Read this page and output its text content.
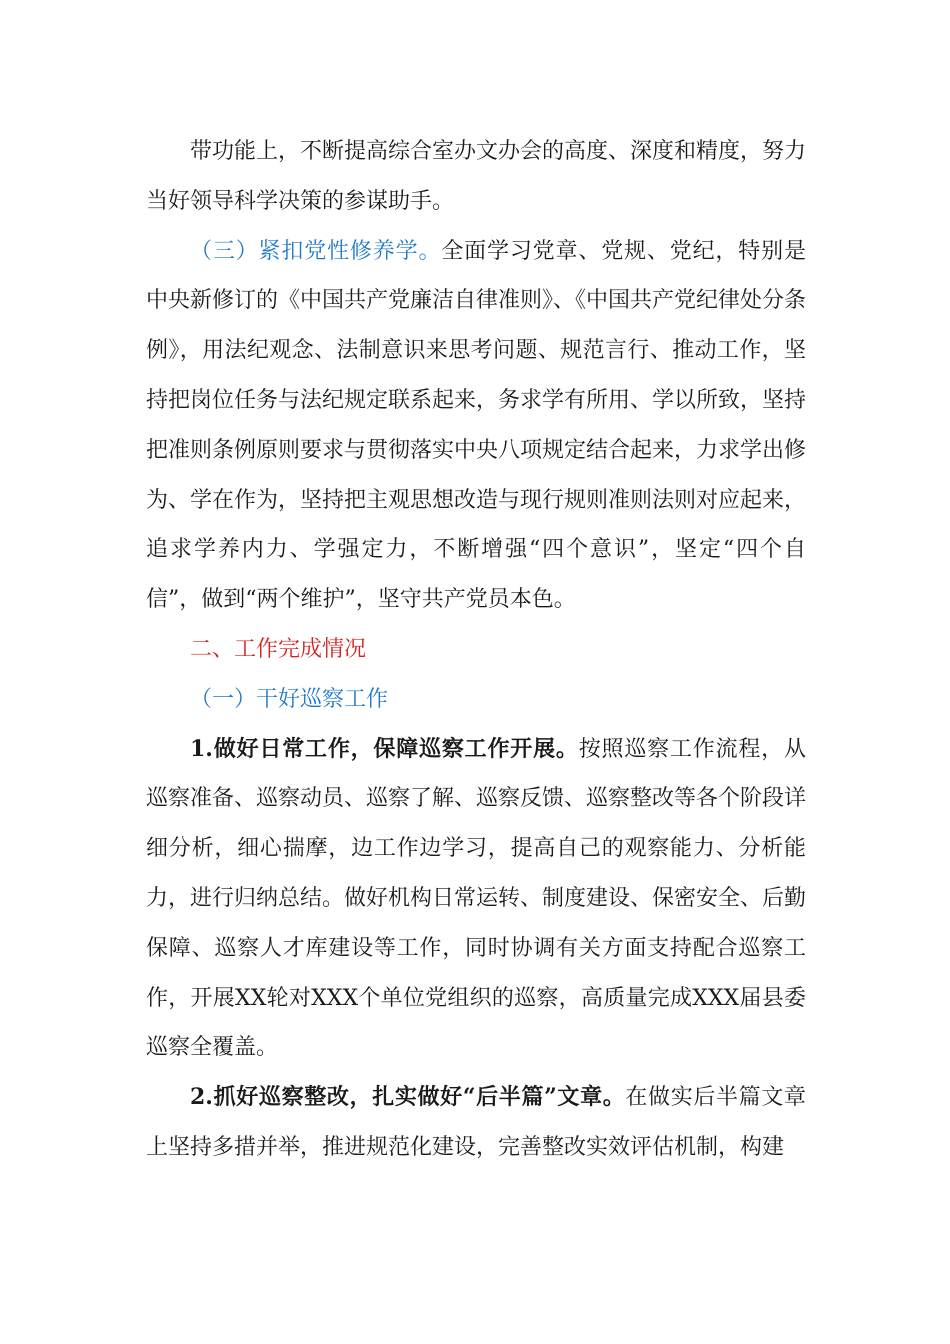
带功能上，不断提高综合室办文办会的高度、深度和精度，努力当好领导科学决策的参谋助手。

（三）紧扣党性修养学。全面学习党章、党规、党纪，特别是中央新修订的《中国共产党廉洁自律准则》、《中国共产党纪律处分条例》，用法纪观念、法制意识来思考问题、规范言行、推动工作，坚持把岗位任务与法纪规定联系起来，务求学有所用、学以所致，坚持把准则条例原则要求与贯彻落实中央八项规定结合起来，力求学出修为、学在作为，坚持把主观思想改造与现行规则准则法则对应起来，追求学养内力、学强定力，不断增强“四个意识”，坚定“四个自信”，做到“两个维护”，坚守共产党员本色。

二、工作完成情况

（一）干好巡察工作

1.做好日常工作，保障巡察工作开展。按照巡察工作流程，从巡察准备、巡察动员、巡察了解、巡察反馈、巡察整改等各个阶段详细分析，细心揣摩，边工作边学习，提高自己的观察能力、分析能力，进行归纳总结。做好机构日常运转、制度建设、保密安全、后勤保障、巡察人才库建设等工作，同时协调有关方面支持配合巡察工作，开展XX轮对XXX个单位党组织的巡察，高质量完成XXX届县委巡察全覆盖。

2.抓好巡察整改，扎实做好“后半篇”文章。在做实后半篇文章上坚持多措并举，推进规范化建设，完善整改实效评估机制，构建
